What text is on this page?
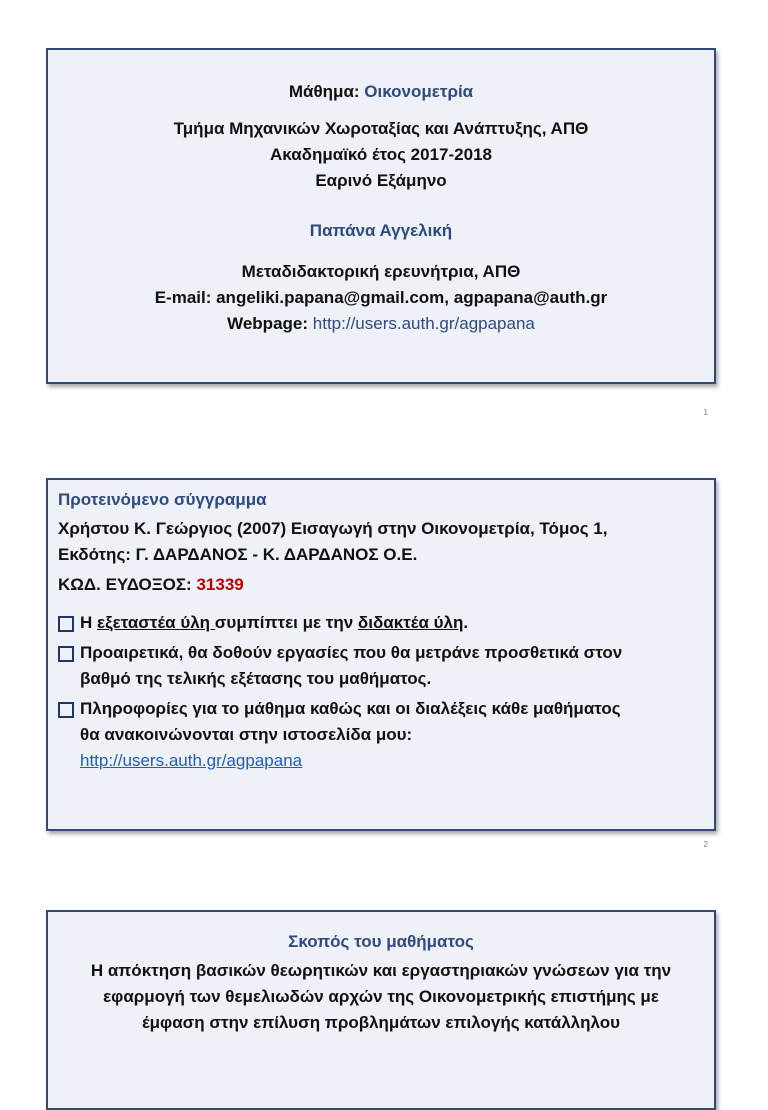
Μάθημα: Οικονομετρία
Τμήμα Μηχανικών Χωροταξίας και Ανάπτυξης, ΑΠΘ
Ακαδημαϊκό έτος 2017-2018
Εαρινό Εξάμηνο
Παπάνα Αγγελική
Μεταδιδακτορική ερευνήτρια, ΑΠΘ
E-mail: angeliki.papana@gmail.com, agpapana@auth.gr
Webpage: http://users.auth.gr/agpapana
1
Προτεινόμενο σύγγραμμα
Χρήστου Κ. Γεώργιος (2007) Εισαγωγή στην Οικονομετρία, Τόμος 1,
Εκδότης: Γ. ΔΑΡΔΑΝΟΣ - Κ. ΔΑΡΔΑΝΟΣ Ο.Ε.
ΚΩΔ. ΕΥΔΟΞΟΣ: 31339
Η εξεταστέα ύλη συμπίπτει με την διδακτέα ύλη.
Προαιρετικά, θα δοθούν εργασίες που θα μετράνε προσθετικά στον
βαθμό της τελικής εξέτασης του μαθήματος.
Πληροφορίες για το μάθημα καθώς και οι διαλέξεις κάθε μαθήματος
θα ανακοινώνονται στην ιστοσελίδα μου:
http://users.auth.gr/agpapana
2
Σκοπός του μαθήματος
Η απόκτηση βασικών θεωρητικών και εργαστηριακών γνώσεων για την
εφαρμογή των θεμελιωδών αρχών της Οικονομετρικής επιστήμης με
έμφαση στην επίλυση προβλημάτων επιλογής κατάλληλου
